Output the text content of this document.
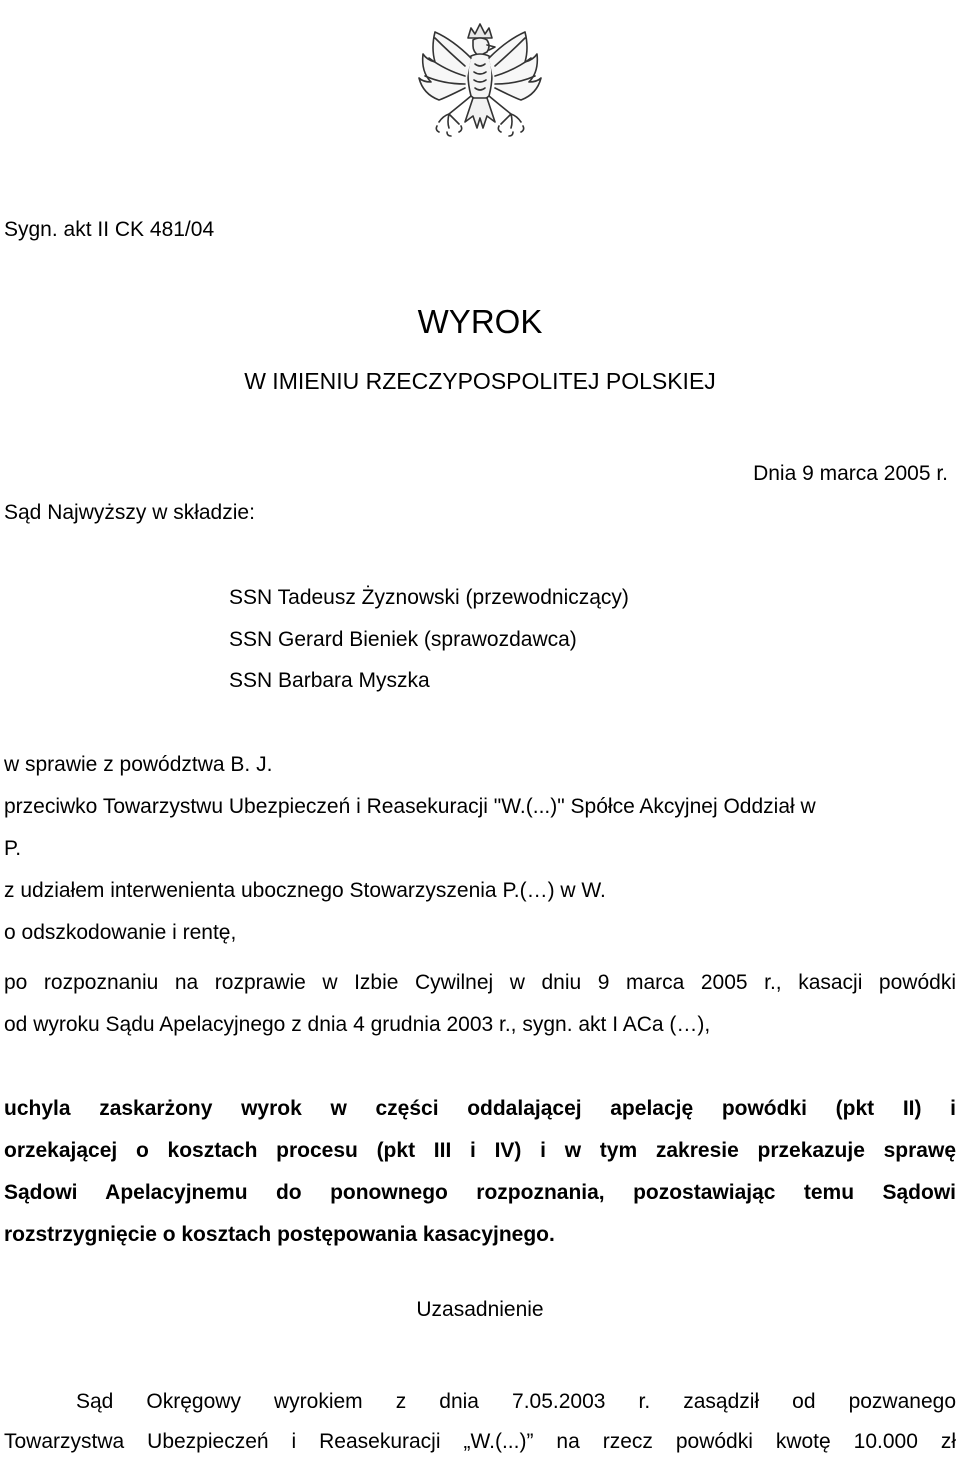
Sygn. akt II CK 481/04
WYROK
W IMIENIU RZECZYPOSPOLITEJ POLSKIEJ
Dnia 9 marca 2005 r.
Sąd Najwyższy w składzie:
SSN Tadeusz Żyznowski (przewodniczący)
SSN Gerard Bieniek (sprawozdawca)
SSN Barbara Myszka
w sprawie z powództwa B. J.
przeciwko Towarzystwu Ubezpieczeń i Reasekuracji "W.(...)" Spółce Akcyjnej Oddział w
P.
z udziałem interwenienta ubocznego Stowarzyszenia P.(…) w W.
o odszkodowanie i rentę,
po rozpoznaniu na rozprawie w Izbie Cywilnej w dniu 9 marca 2005 r., kasacji powódki
od wyroku Sądu Apelacyjnego z dnia 4 grudnia 2003 r., sygn. akt I ACa (…),
uchyla zaskarżony wyrok w części oddalającej apelację powódki (pkt II) i
orzekającej o kosztach procesu (pkt III i IV) i w tym zakresie przekazuje sprawę
Sądowi Apelacyjnemu do ponownego rozpoznania, pozostawiając temu Sądowi
rozstrzygnięcie o kosztach postępowania kasacyjnego.
Uzasadnienie
Sąd Okręgowy wyrokiem z dnia 7.05.2003 r. zasądził od pozwanego
Towarzystwa Ubezpieczeń i Reasekuracji „W.(...)” na rzecz powódki kwotę 10.000 zł
